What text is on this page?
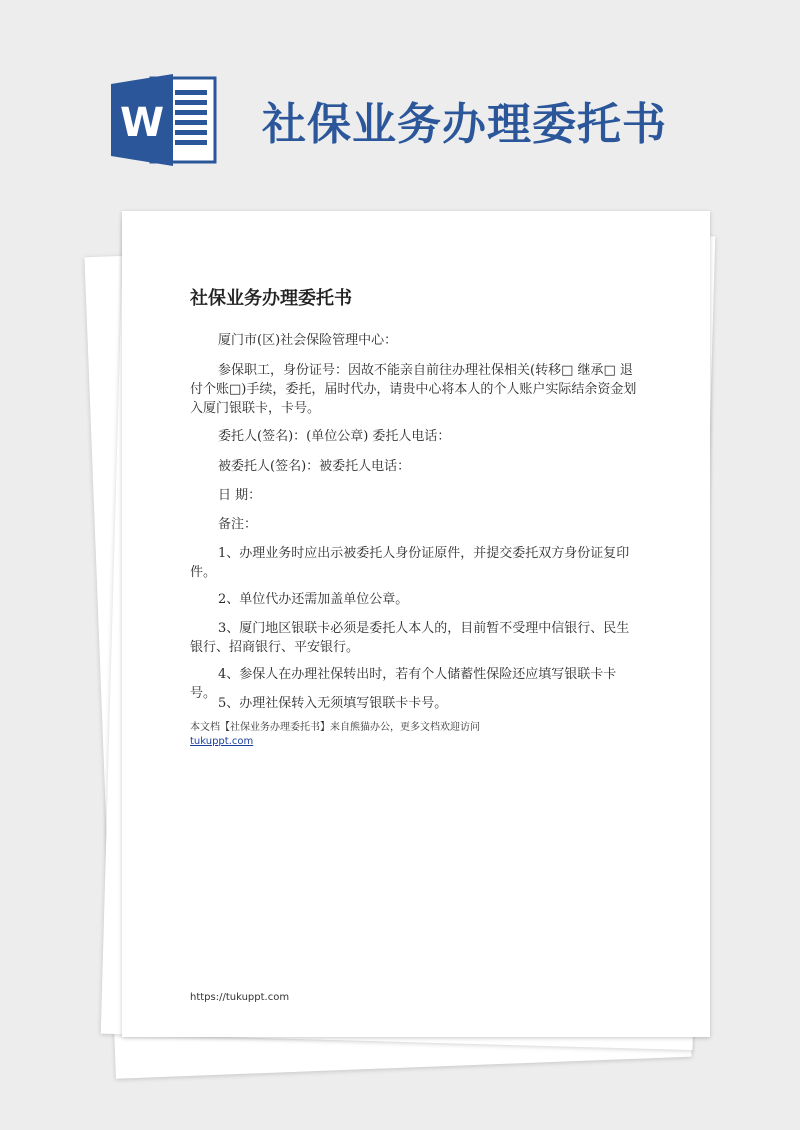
W 社保业务办理委托书
社保业务办理委托书

厦门市(区)社会保险管理中心：

参保职工，身份证号：因故不能亲自前往办理社保相关(转移□ 继承□ 退付个账□)手续，委托，届时代办，请贵中心将本人的个人账户实际结余资金划入厦门银联卡，卡号。

委托人(签名)：(单位公章) 委托人电话：

被委托人(签名)：被委托人电话：

日 期：

备注：

1、办理业务时应出示被委托人身份证原件，并提交委托双方身份证复印件。

2、单位代办还需加盖单位公章。

3、厦门地区银联卡必须是委托人本人的，目前暂不受理中信银行、民生银行、招商银行、平安银行。

4、参保人在办理社保转出时，若有个人储蓄性保险还应填写银联卡卡号。

5、办理社保转入无须填写银联卡卡号。

本文档【社保业务办理委托书】来自熊猫办公，更多文档欢迎访问
tukuppt.com
https://tukuppt.com
